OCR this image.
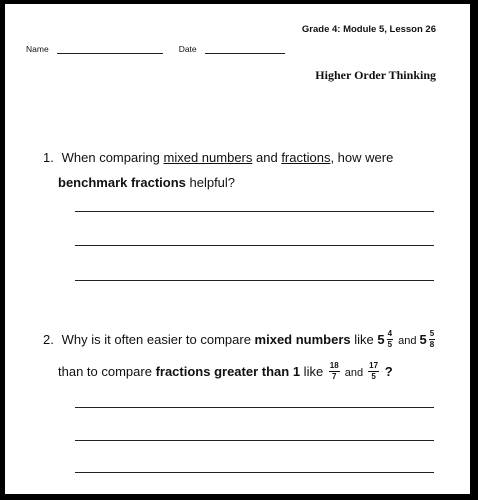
Grade 4: Module 5, Lesson 26
Name	Date
Higher Order Thinking
1. When comparing mixed numbers and fractions, how were
benchmark fractions helpful?
2. Why is it often easier to compare mixed numbers like $5 \frac{4}{5}$ and $5 \frac{5}{8}$
than to compare fractions greater than 1 like $\frac{18}{7}$ and $\frac{17}{5}$ ?
